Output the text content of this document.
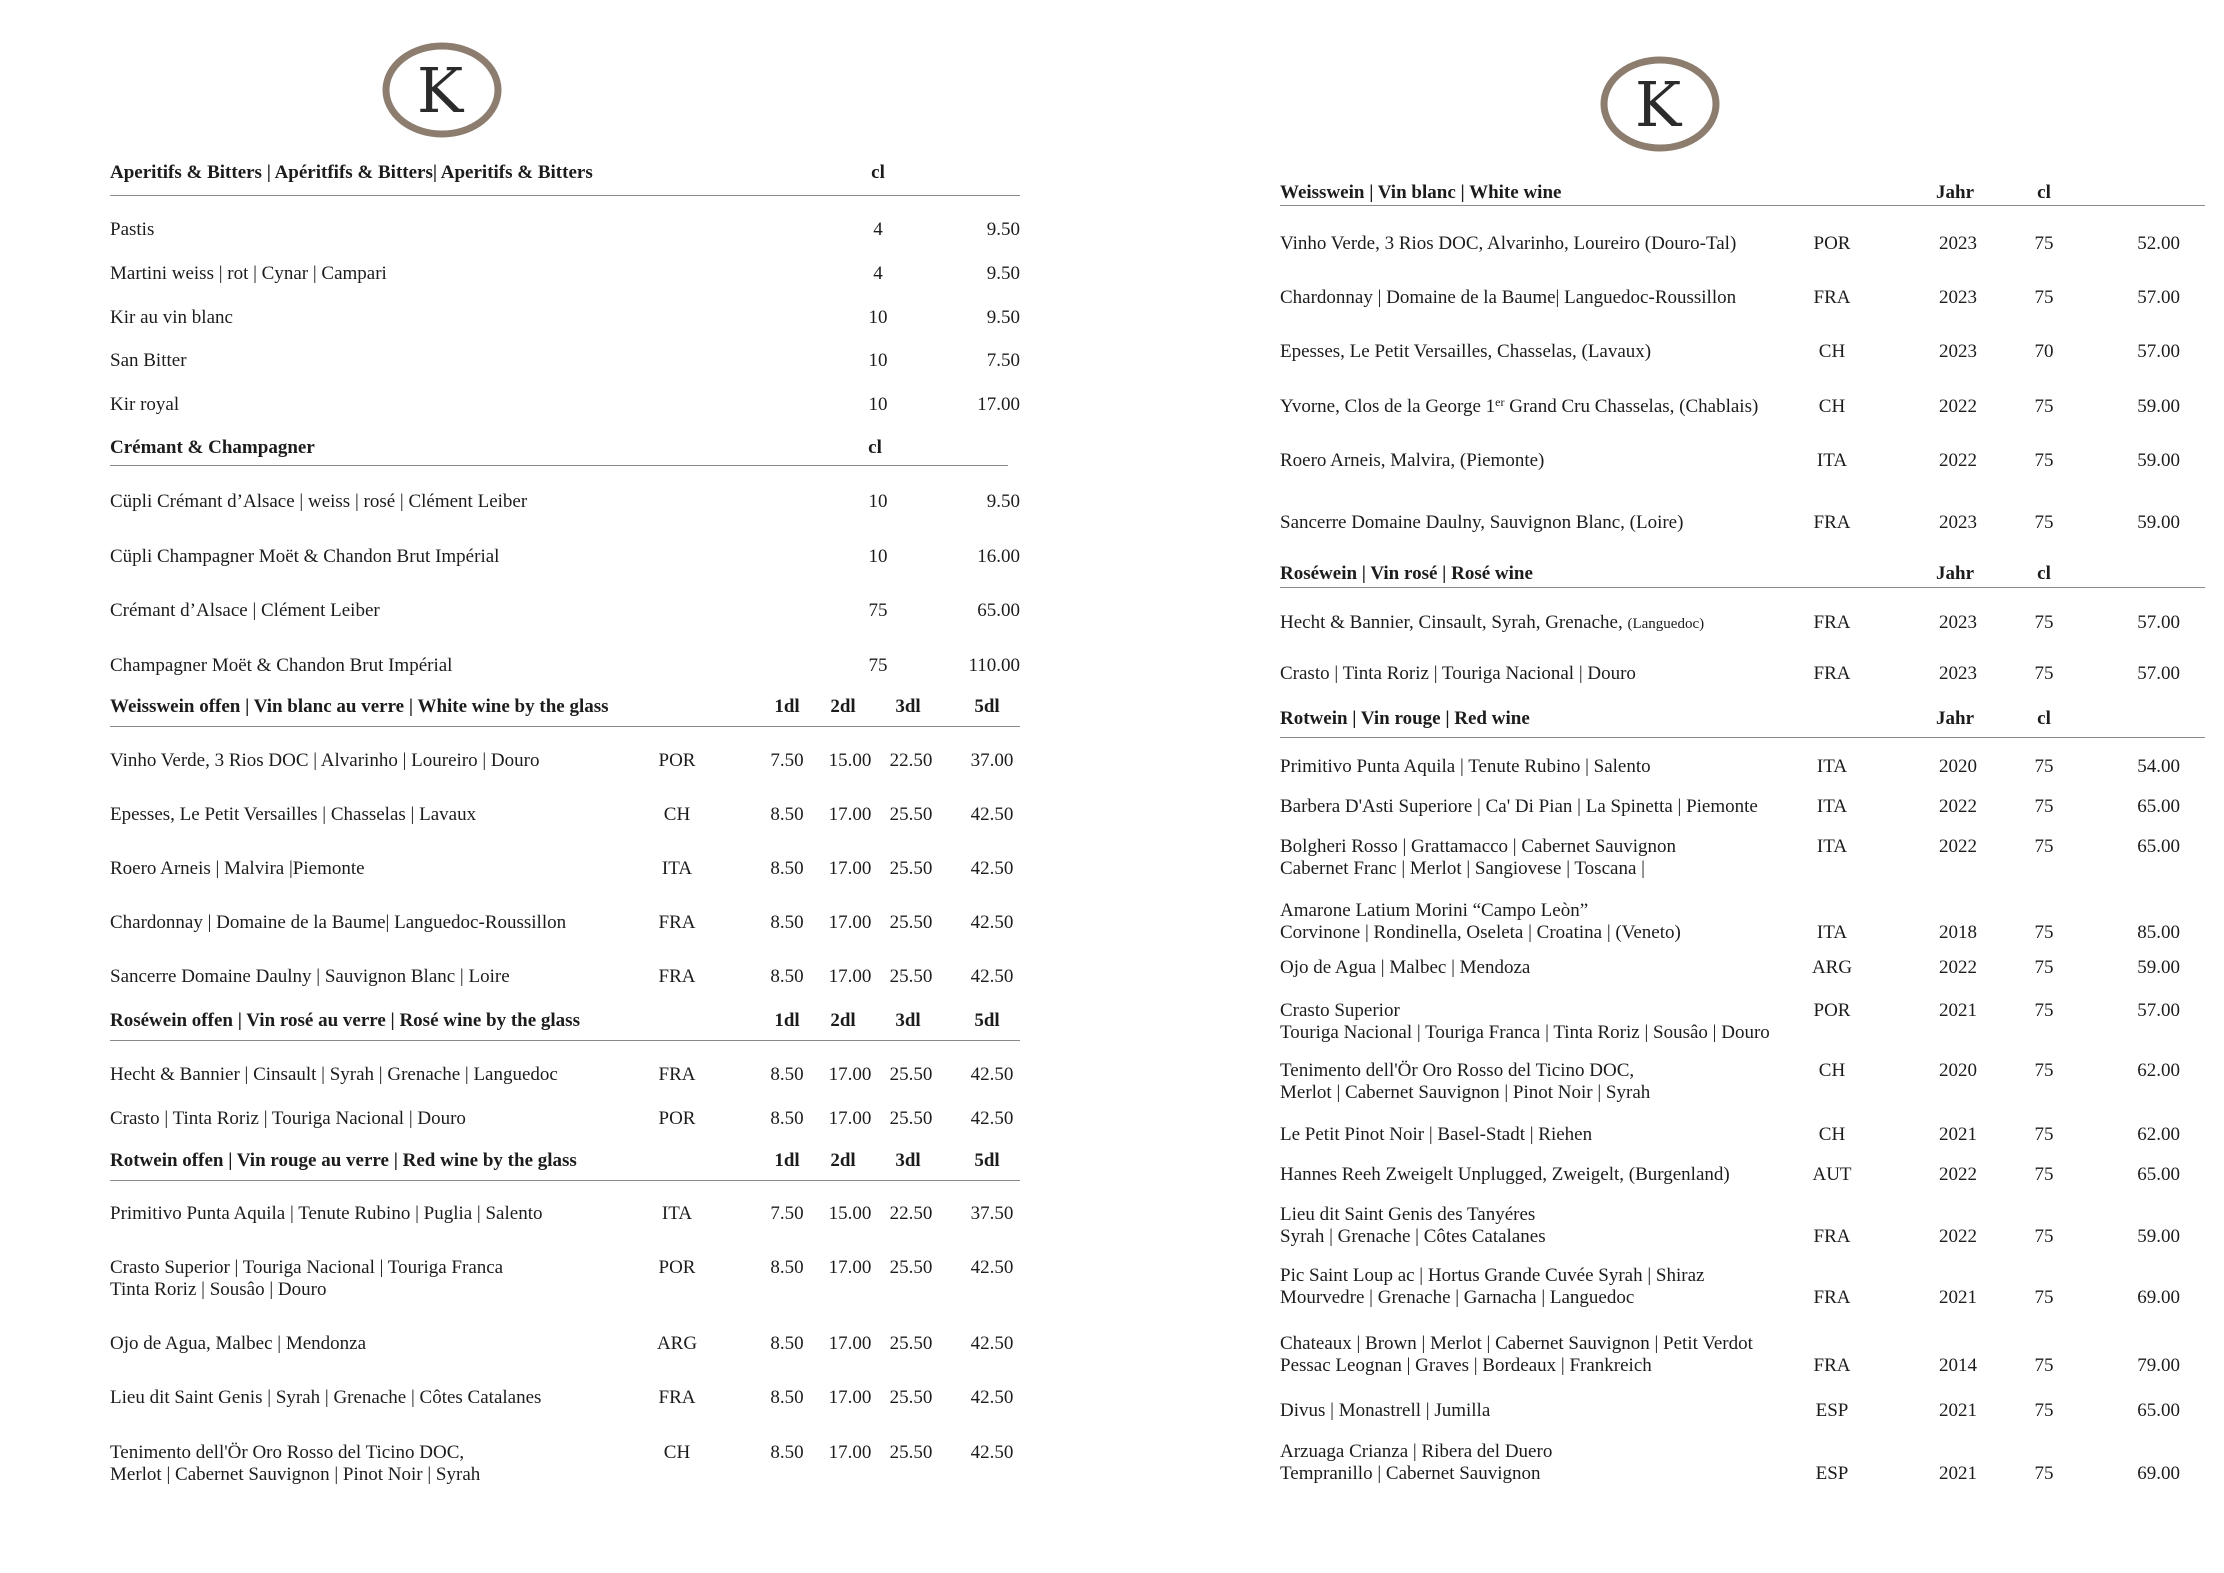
K	K
Aperitifs & Bitters | Apéritfifs & Bitters| Aperitifs & Bitters	cl
Pastis	4	9.50
Martini weiss | rot | Cynar | Campari	4	9.50
Kir au vin blanc	10	9.50
San Bitter	10	7.50
Kir royal	10	17.00
Crémant & Champagner	cl
Cüpli Crémant d’Alsace | weiss | rosé | Clément Leiber	10	9.50
Cüpli Champagner Moët & Chandon Brut Impérial	10	16.00
Crémant d’Alsace | Clément Leiber	75	65.00
Champagner Moët & Chandon Brut Impérial	75	110.00
Weisswein offen | Vin blanc au verre | White wine by the glass	1dl	2dl	3dl	5dl
Vinho Verde, 3 Rios DOC | Alvarinho | Loureiro | Douro	POR	7.50	15.00 22.50	37.00
Epesses, Le Petit Versailles | Chasselas | Lavaux	CH	8.50	17.00 25.50	42.50
Roero Arneis | Malvira |Piemonte	ITA	8.50	17.00 25.50	42.50
Chardonnay | Domaine de la Baume| Languedoc-Roussillon	FRA	8.50	17.00 25.50	42.50
Sancerre Domaine Daulny | Sauvignon Blanc | Loire	FRA	8.50	17.00 25.50	42.50
Roséwein offen | Vin rosé au verre | Rosé wine by the glass	1dl	2dl	3dl	5dl
Hecht & Bannier | Cinsault | Syrah | Grenache | Languedoc	FRA	8.50	17.00 25.50	42.50
Crasto | Tinta Roriz | Touriga Nacional | Douro	POR	8.50	17.00 25.50	42.50
Rotwein offen | Vin rouge au verre | Red wine by the glass	1dl	2dl	3dl	5dl
Primitivo Punta Aquila | Tenute Rubino | Puglia | Salento	ITA	7.50	15.00 22.50	37.50
Crasto Superior | Touriga Nacional | Touriga Franca
Tinta Roriz | Sousâo | Douro
POR	8.50	17.00 25.50	42.50
Ojo de Agua, Malbec | Mendonza	ARG	8.50	17.00 25.50	42.50
Lieu dit Saint Genis | Syrah | Grenache | Côtes Catalanes	FRA	8.50	17.00 25.50	42.50
Tenimento dell'Ör Oro Rosso del Ticino DOC,
Merlot | Cabernet Sauvignon | Pinot Noir | Syrah
CH	8.50	17.00 25.50	42.50
Weisswein | Vin blanc | White wine	Jahr	cl
Vinho Verde, 3 Rios DOC, Alvarinho, Loureiro (Douro-Tal)	POR	2023	75	52.00
Chardonnay | Domaine de la Baume| Languedoc-Roussillon	FRA	2023	75	57.00
Epesses, Le Petit Versailles, Chasselas, (Lavaux)	CH	2023	70	57.00
Yvorne, Clos de la George 1er Grand Cru Chasselas, (Chablais)	CH	2022	75	59.00
Roero Arneis, Malvira, (Piemonte)	ITA	2022	75	59.00
Sancerre Domaine Daulny, Sauvignon Blanc, (Loire)	FRA	2023	75	59.00
Roséwein | Vin rosé | Rosé wine	Jahr	cl
Hecht & Bannier, Cinsault, Syrah, Grenache, (Languedoc)	FRA	2023	75	57.00
Crasto | Tinta Roriz | Touriga Nacional | Douro	FRA	2023	75	57.00
Rotwein | Vin rouge | Red wine	Jahr	cl
Primitivo Punta Aquila | Tenute Rubino | Salento	ITA	2020	75	54.00
Barbera D'Asti Superiore | Ca' Di Pian | La Spinetta | Piemonte	ITA	2022	75	65.00
Bolgheri Rosso | Grattamacco | Cabernet Sauvignon
Cabernet Franc | Merlot | Sangiovese | Toscana |
ITA	2022	75	65.00
Amarone Latium Morini “Campo Leòn”
Corvinone | Rondinella, Oseleta | Croatina | (Veneto)	ITA	2018	75	85.00
Ojo de Agua | Malbec | Mendoza	ARG	2022	75	59.00
Crasto Superior
Touriga Nacional | Touriga Franca | Tinta Roriz | Sousâo | Douro
POR	2021	75	57.00
Tenimento dell'Ör Oro Rosso del Ticino DOC,
Merlot | Cabernet Sauvignon | Pinot Noir | Syrah
CH	2020	75	62.00
Le Petit Pinot Noir | Basel-Stadt | Riehen	CH	2021	75	62.00
Hannes Reeh Zweigelt Unplugged, Zweigelt, (Burgenland)	AUT	2022	75	65.00
Lieu dit Saint Genis des Tanyéres
Syrah | Grenache | Côtes Catalanes	FRA	2022	75	59.00
Pic Saint Loup ac | Hortus Grande Cuvée Syrah | Shiraz
Mourvedre | Grenache | Garnacha | Languedoc	FRA	2021	75	69.00
Chateaux | Brown | Merlot | Cabernet Sauvignon | Petit Verdot
Pessac Leognan | Graves | Bordeaux | Frankreich	FRA	2014	75	79.00
Divus | Monastrell | Jumilla	ESP	2021	75	65.00
Arzuaga Crianza | Ribera del Duero
Tempranillo | Cabernet Sauvignon	ESP	2021	75	69.00
